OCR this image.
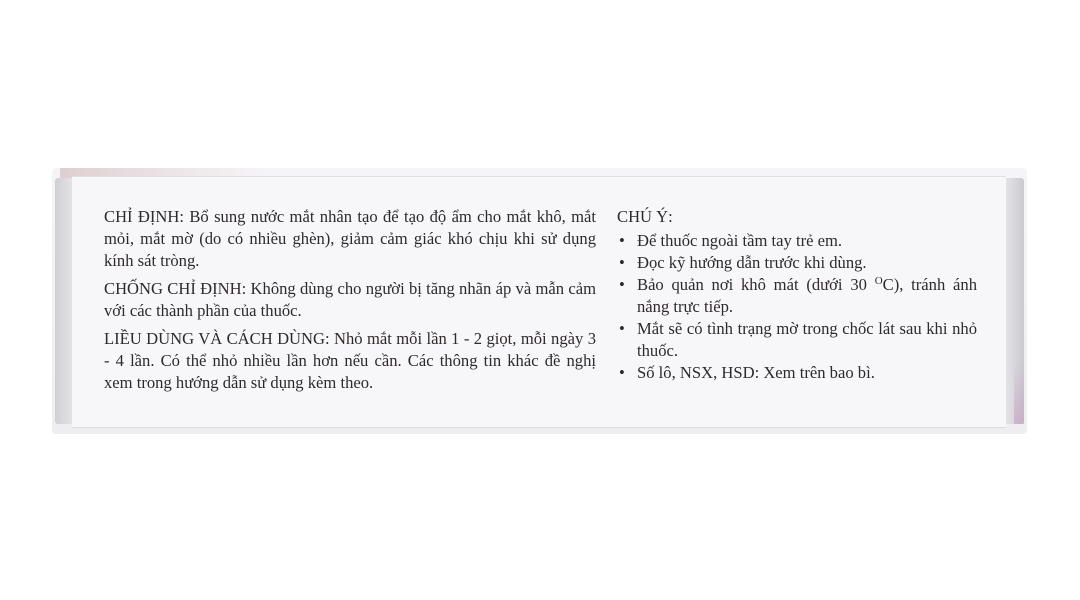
CHỈ ĐỊNH: Bổ sung nước mắt nhân tạo để tạo độ ẩm cho mắt khô, mắt mỏi, mắt mờ (do có nhiều ghèn), giảm cảm giác khó chịu khi sử dụng kính sát tròng.

CHỐNG CHỈ ĐỊNH: Không dùng cho người bị tăng nhãn áp và mẫn cảm với các thành phần của thuốc.

LIỀU DÙNG VÀ CÁCH DÙNG: Nhỏ mắt mỗi lần 1 - 2 giọt, mỗi ngày 3 - 4 lần. Có thể nhỏ nhiều lần hơn nếu cần. Các thông tin khác đề nghị xem trong hướng dẫn sử dụng kèm theo.

CHÚ Ý:
• Để thuốc ngoài tầm tay trẻ em.
• Đọc kỹ hướng dẫn trước khi dùng.
• Bảo quản nơi khô mát (dưới 30 $^O$C), tránh ánh nắng trực tiếp.
• Mắt sẽ có tình trạng mờ trong chốc lát sau khi nhỏ thuốc.
• Số lô, NSX, HSD: Xem trên bao bì.
